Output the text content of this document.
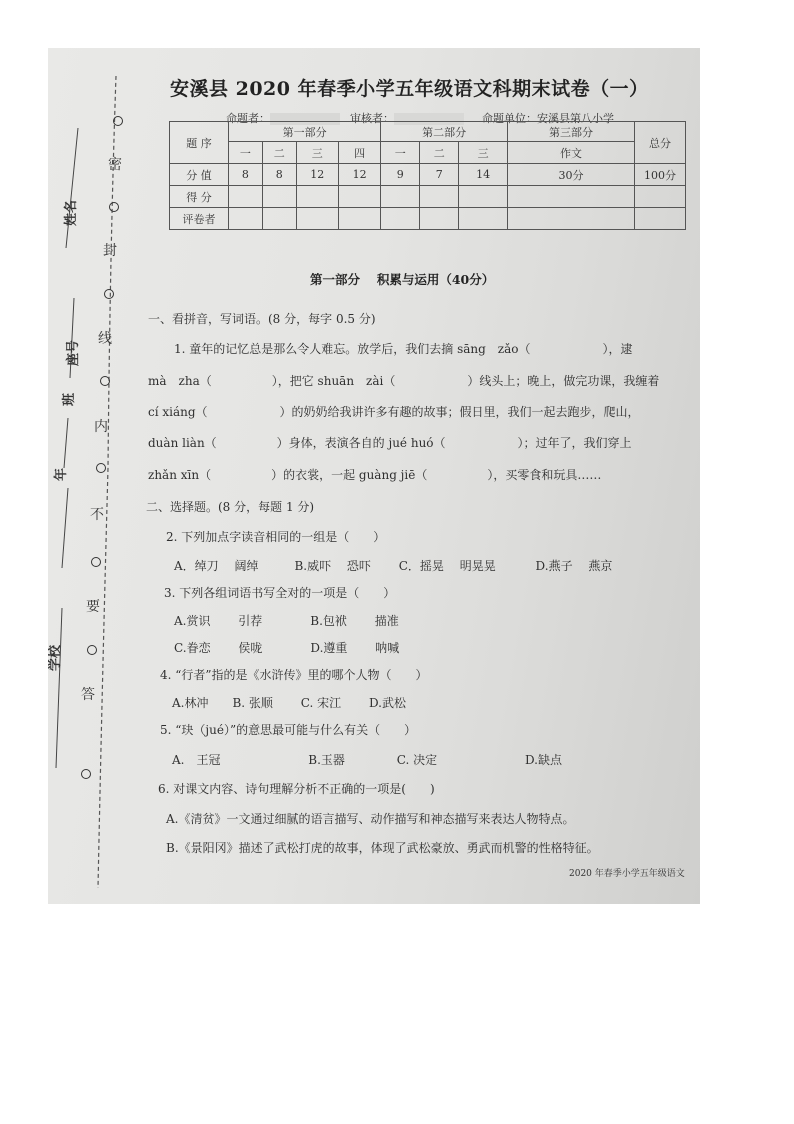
姓名
座号
班
年
学校
密
封
线
内
不
要
答
安溪县 2020 年春季小学五年级语文科期末试卷（一）
命题者：	审核者：	命题单位：安溪县第八小学
题 序	第一部分				第二部分			第三部分	总分
	一	二	三	四	一	二	三	作文	
分 值	8	8	12	12	9	7	14	30分	100分
得 分									
评卷者									
第一部分　 积累与运用（40分）
一、看拼音，写词语。(8 分，每字 0.5 分)
1. 童年的记忆总是那么令人难忘。放学后，我们去摘 sāng　zǎo（　　　　　　），逮
mà　zha（　　　　　），把它 shuān　zài（　　　　　　）线头上；晚上，做完功课，我缠着
cí xiáng（　　　　　　）的奶奶给我讲许多有趣的故事；假日里，我们一起去跑步，爬山，
duàn liàn（　　　　　）身体，表演各自的 jué huó（　　　　　　）；过年了，我们穿上
zhǎn xīn（　　　　　）的衣裳，一起 guàng jiē（　　　　　），买零食和玩具……
二、选择题。(8 分，每题 1 分)
2. 下列加点字读音相同的一组是（　　）
A．绰刀　 阔绰　　　B.威吓　 恐吓　　 C．摇晃　 明晃晃　　　 D.燕子　 燕京
3. 下列各组词语书写全对的一项是（　　）
A.赏识　　 引荐　　　　B.包袱　　 描准
C.眷恋　　 侯咙　　　　D.遵重　　 呐喊
4. “行者”指的是《水浒传》里的哪个人物（　　）
A.林冲　　B. 张顺　　 C. 宋江　　 D.武松
5. “玦（jué）”的意思最可能与什么有关（　　）
A.　王冠　　　　　　　 B.玉器　　　　 C. 决定　　　　　　　 D.缺点
6. 对课文内容、诗句理解分析不正确的一项是(　　)
A.《清贫》一文通过细腻的语言描写、动作描写和神态描写来表达人物特点。
B.《景阳冈》描述了武松打虎的故事，体现了武松豪放、勇武而机警的性格特征。
2020 年春季小学五年级语文
